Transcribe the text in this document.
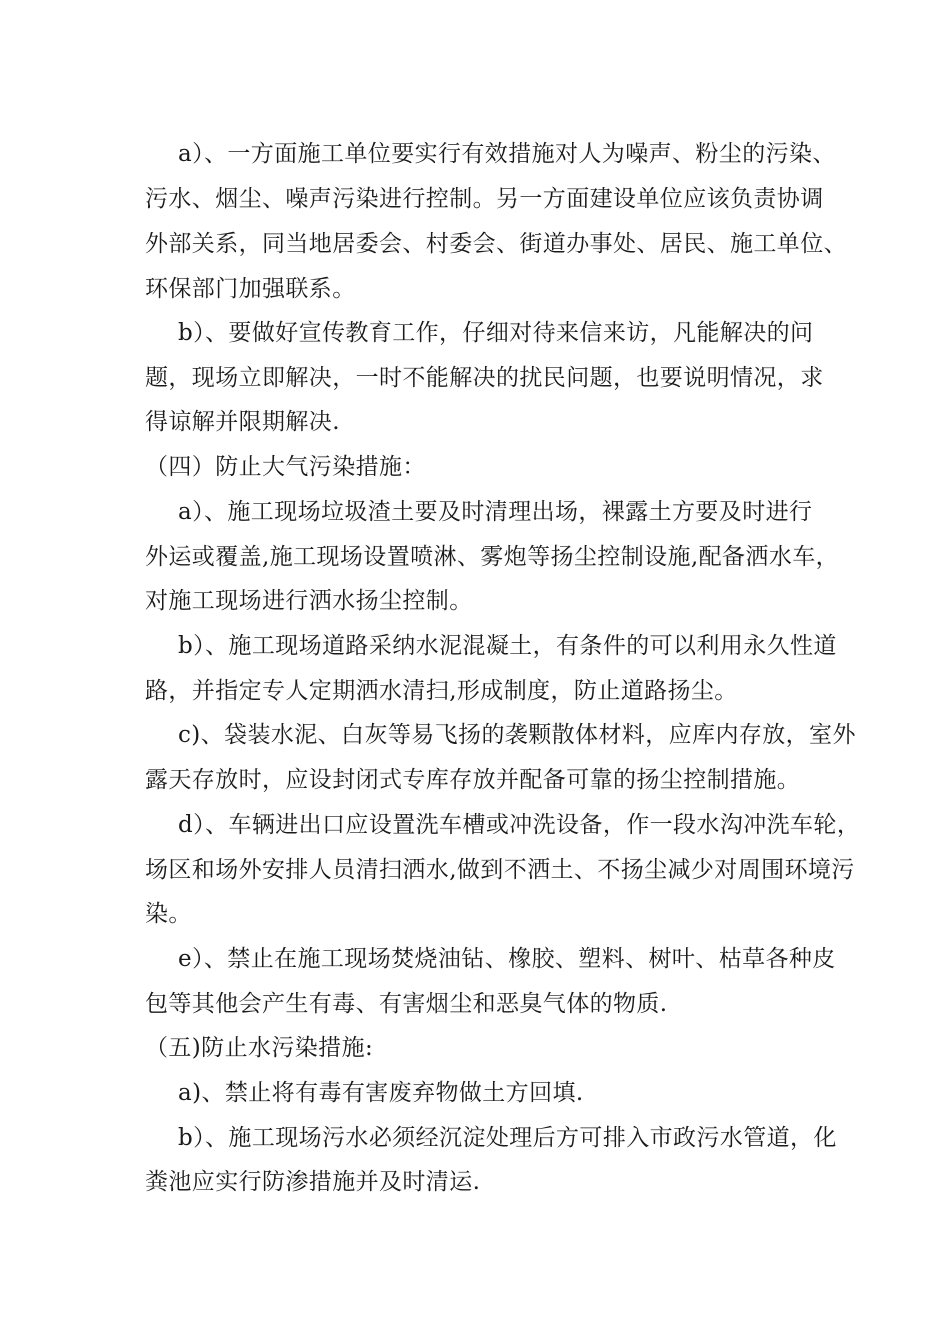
a）、一方面施工单位要实行有效措施对人为噪声、粉尘的污染、
污水、烟尘、噪声污染进行控制。另一方面建设单位应该负责协调
外部关系，同当地居委会、村委会、街道办事处、居民、施工单位、
环保部门加强联系。
b）、要做好宣传教育工作，仔细对待来信来访，凡能解决的问
题，现场立即解决，一时不能解决的扰民问题，也要说明情况，求
得谅解并限期解决.
（四）防止大气污染措施：
a）、施工现场垃圾渣土要及时清理出场，裸露土方要及时进行
外运或覆盖,施工现场设置喷淋、雾炮等扬尘控制设施,配备洒水车，
对施工现场进行洒水扬尘控制。
b）、施工现场道路采纳水泥混凝土，有条件的可以利用永久性道
路，并指定专人定期洒水清扫,形成制度，防止道路扬尘。
c)、袋装水泥、白灰等易飞扬的袭颗散体材料，应库内存放，室外
露天存放时，应设封闭式专库存放并配备可靠的扬尘控制措施。
d）、车辆进出口应设置洗车槽或冲洗设备，作一段水沟冲洗车轮，
场区和场外安排人员清扫洒水,做到不洒土、不扬尘减少对周围环境污
染。
e）、禁止在施工现场焚烧油钻、橡胶、塑料、树叶、枯草各种皮
包等其他会产生有毒、有害烟尘和恶臭气体的物质.
（五)防止水污染措施:
a)、禁止将有毒有害废弃物做土方回填.
b）、施工现场污水必须经沉淀处理后方可排入市政污水管道，化
粪池应实行防渗措施并及时清运.
